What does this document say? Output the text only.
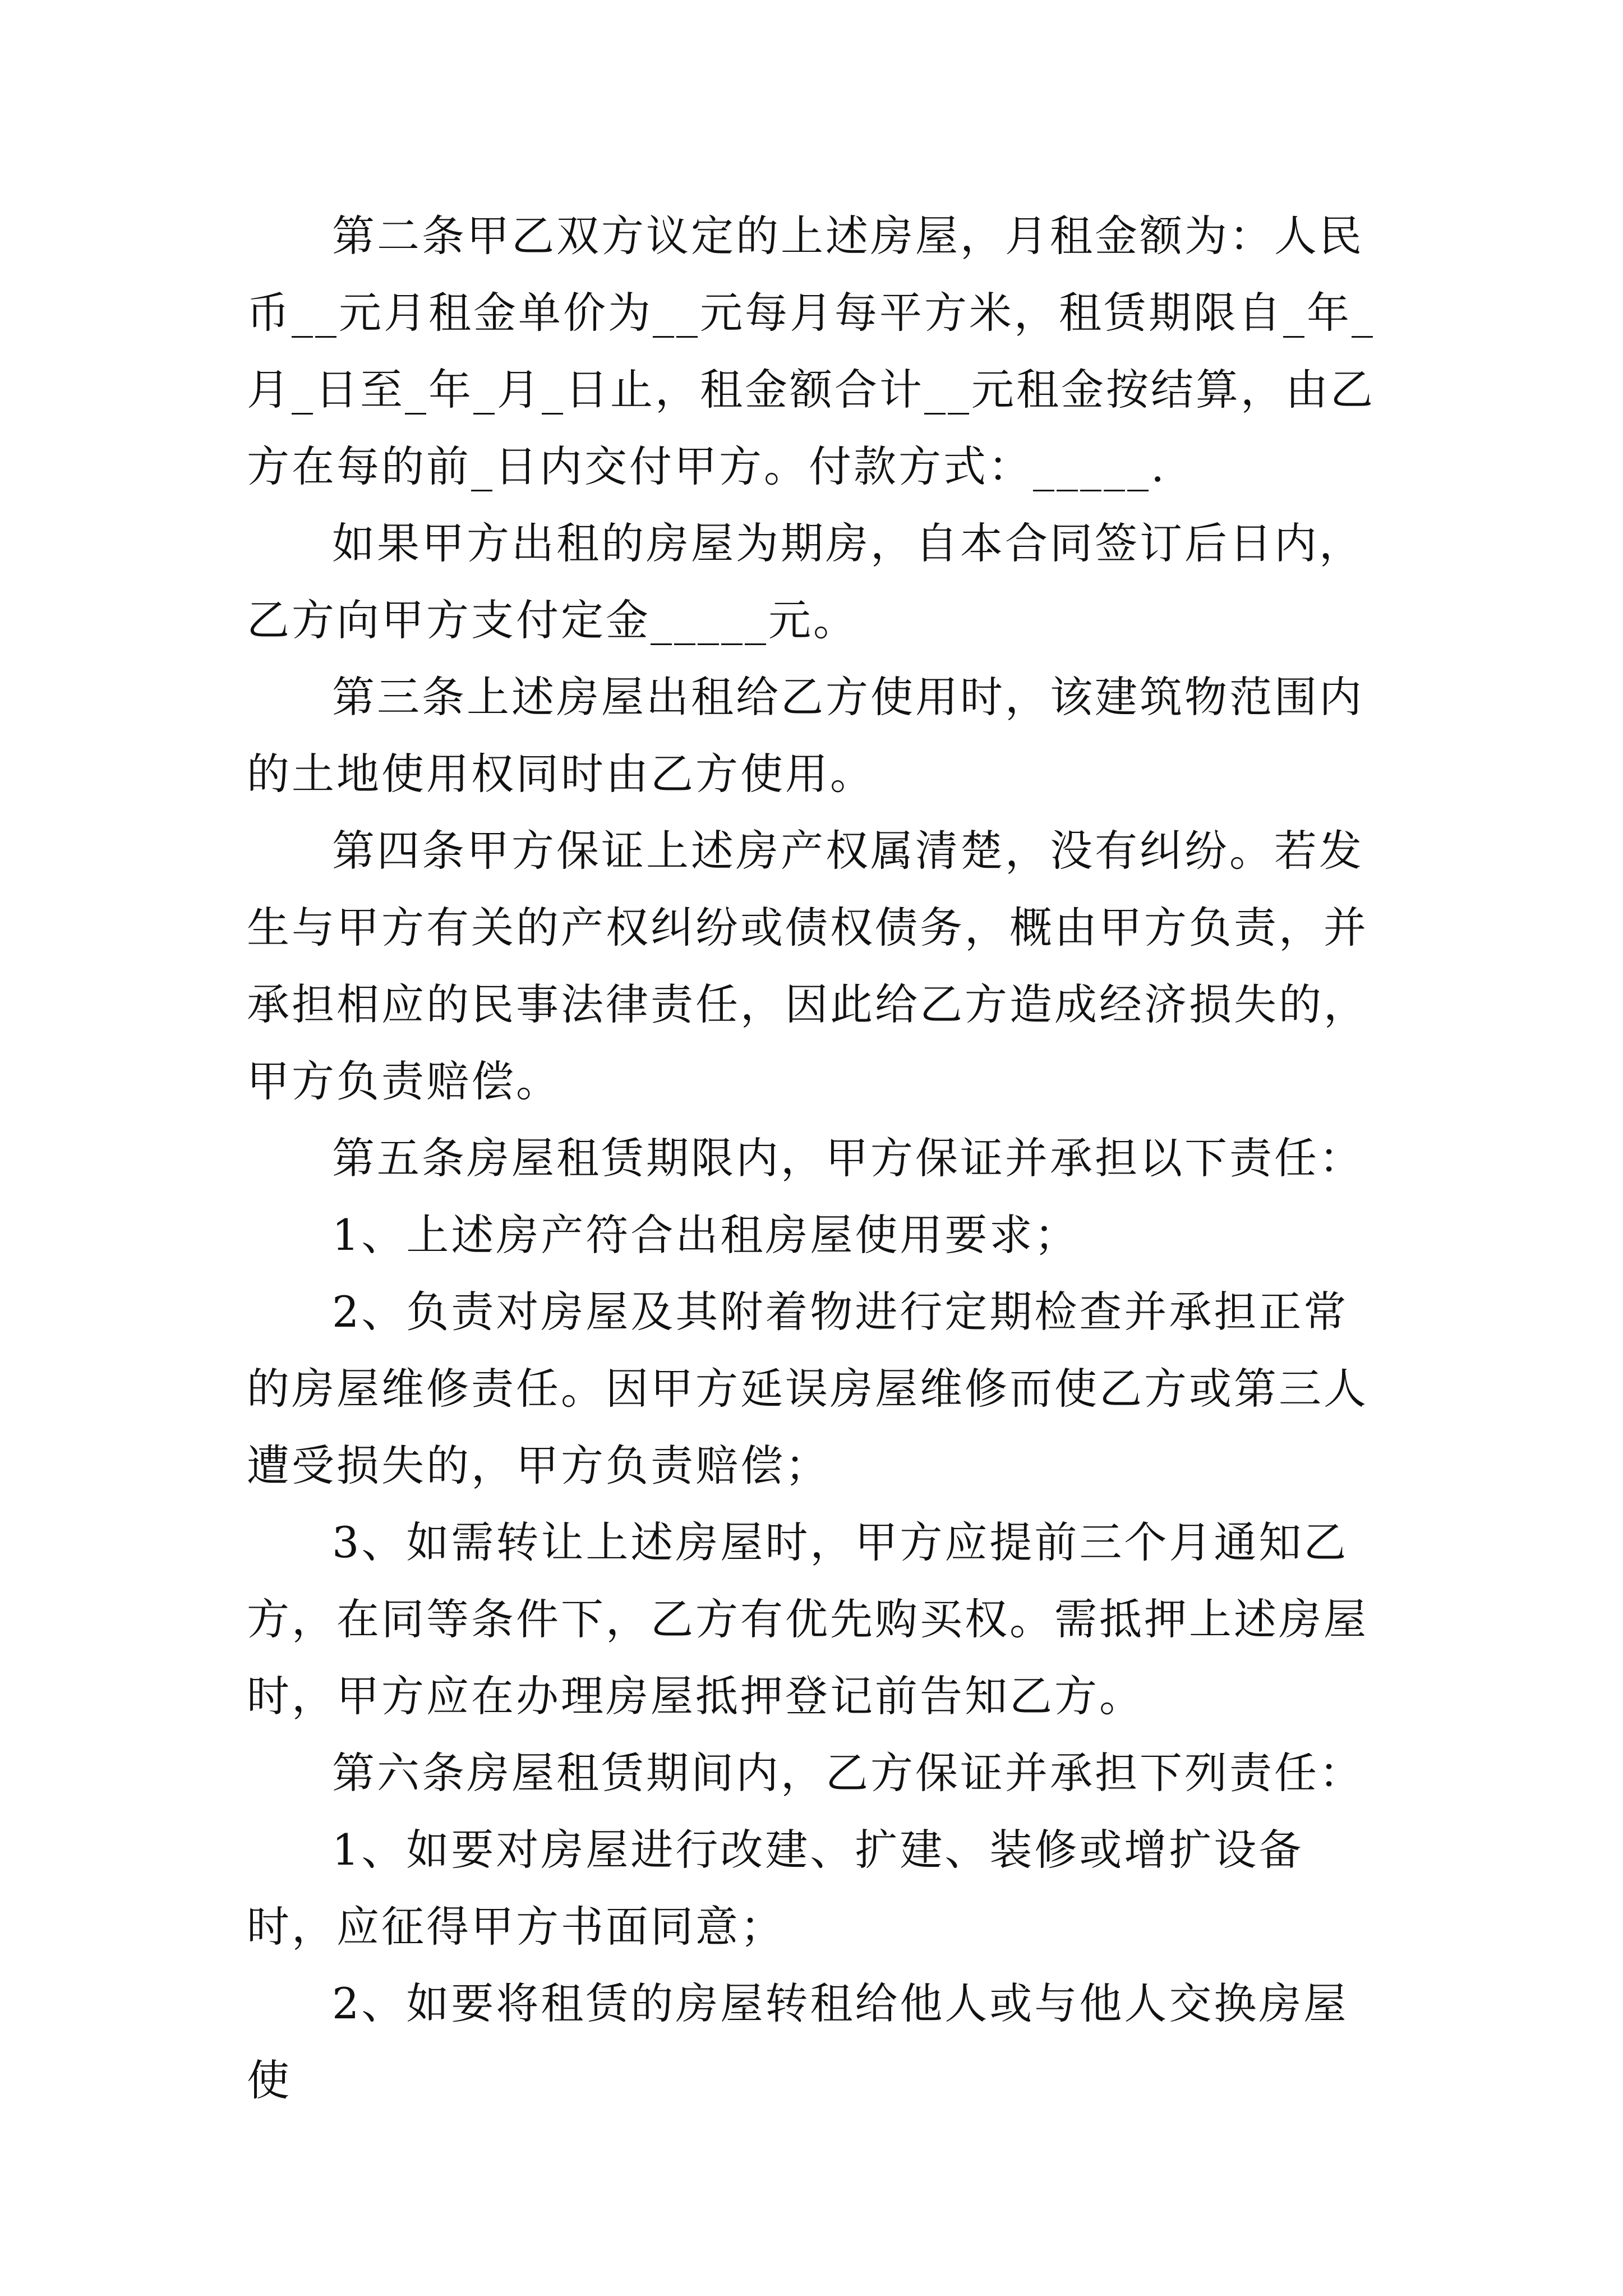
第二条甲乙双方议定的上述房屋，月租金额为：人民币__元月租金单价为__元每月每平方米，租赁期限自_年_月_日至_年_月_日止，租金额合计__元租金按结算，由乙方在每的前_日内交付甲方。付款方式：_____.

如果甲方出租的房屋为期房，自本合同签订后日内，乙方向甲方支付定金_____元。

第三条上述房屋出租给乙方使用时，该建筑物范围内的土地使用权同时由乙方使用。

第四条甲方保证上述房产权属清楚，没有纠纷。若发生与甲方有关的产权纠纷或债权债务，概由甲方负责，并承担相应的民事法律责任，因此给乙方造成经济损失的，甲方负责赔偿。

第五条房屋租赁期限内，甲方保证并承担以下责任：

1、上述房产符合出租房屋使用要求；

2、负责对房屋及其附着物进行定期检查并承担正常的房屋维修责任。因甲方延误房屋维修而使乙方或第三人遭受损失的，甲方负责赔偿；

3、如需转让上述房屋时，甲方应提前三个月通知乙方，在同等条件下，乙方有优先购买权。需抵押上述房屋时，甲方应在办理房屋抵押登记前告知乙方。

第六条房屋租赁期间内，乙方保证并承担下列责任：

1、如要对房屋进行改建、扩建、装修或增扩设备时，应征得甲方书面同意；

2、如要将租赁的房屋转租给他人或与他人交换房屋使
